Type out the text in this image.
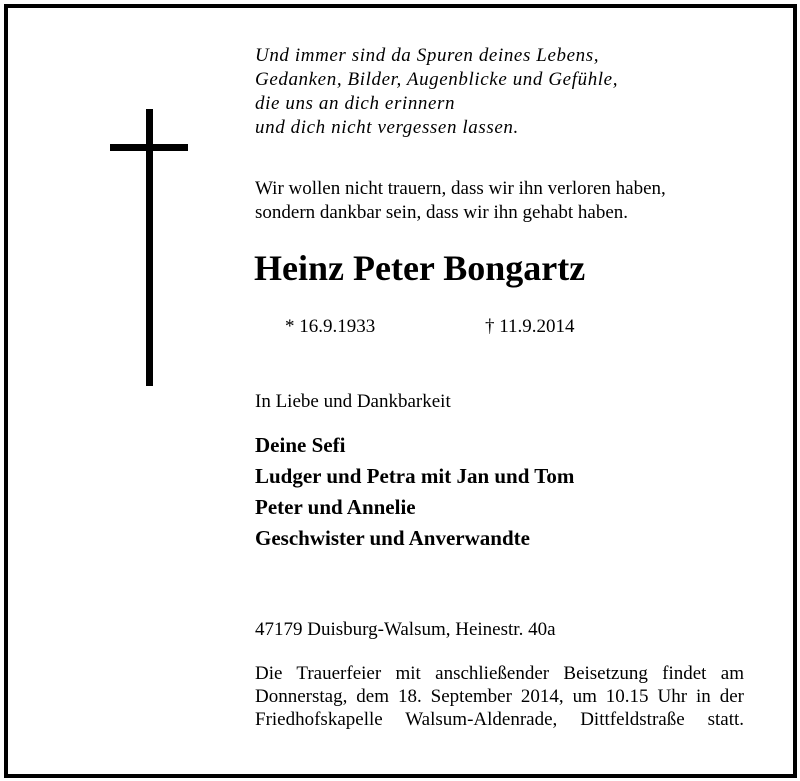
Und immer sind da Spuren deines Lebens,
Gedanken, Bilder, Augenblicke und Gefühle,
die uns an dich erinnern
und dich nicht vergessen lassen.
Wir wollen nicht trauern, dass wir ihn verloren haben,
sondern dankbar sein, dass wir ihn gehabt haben.
Heinz Peter Bongartz
* 16.9.1933	† 11.9.2014
In Liebe und Dankbarkeit
Deine Sefi
Ludger und Petra mit Jan und Tom
Peter und Annelie
Geschwister und Anverwandte
47179 Duisburg-Walsum, Heinestr. 40a
Die Trauerfeier mit anschließender Beisetzung findet am
Donnerstag, dem 18. September 2014, um 10.15 Uhr in der
Friedhofskapelle Walsum-Aldenrade, Dittfeldstraße statt.
